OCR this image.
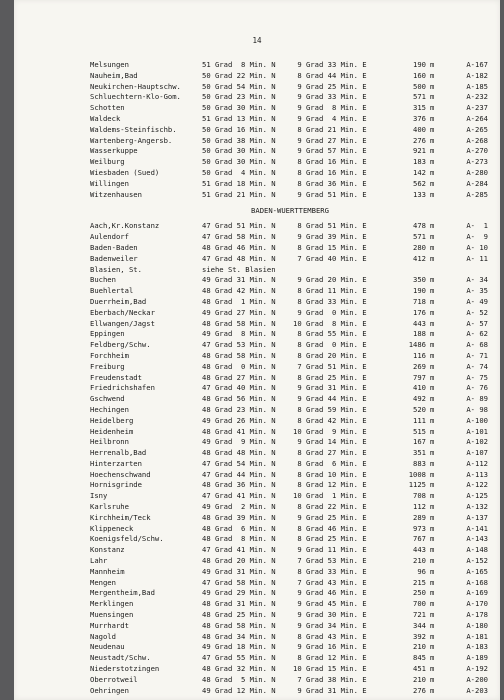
14
Melsungen	51 Grad  8 Min. N 9 Grad 33 Min. E	190 m	A-167
Nauheim,Bad	50 Grad 22 Min. N 8 Grad 44 Min. E	160 m	A-182
Neukirchen-Hauptschw.	50 Grad 54 Min. N 9 Grad 25 Min. E	500 m	A-185
Schluechtern-Klo-Gom.	50 Grad 23 Min. N 9 Grad 33 Min. E	571 m	A-232
Schotten	50 Grad 30 Min. N 9 Grad  8 Min. E	315 m	A-237
Waldeck	51 Grad 13 Min. N 9 Grad  4 Min. E	376 m	A-264
Waldems-Steinfischb.	50 Grad 16 Min. N 8 Grad 21 Min. E	400 m	A-265
Wartenberg-Angersb.	50 Grad 38 Min. N 9 Grad 27 Min. E	276 m	A-268
Wasserkuppe	50 Grad 30 Min. N 9 Grad 57 Min. E	921 m	A-270
Weilburg	50 Grad 30 Min. N 8 Grad 16 Min. E	183 m	A-273
Wiesbaden (Sued)	50 Grad  4 Min. N 8 Grad 16 Min. E	142 m	A-280
Willingen	51 Grad 18 Min. N 8 Grad 36 Min. E	562 m	A-284
Witzenhausen	51 Grad 21 Min. N 9 Grad 51 Min. E	133 m	A-285
BADEN-WUERTTEMBERG
Aach,Kr.Konstanz	47 Grad 51 Min. N 8 Grad 51 Min. E	478 m	A-  1
Aulendorf	47 Grad 58 Min. N 9 Grad 39 Min. E	571 m	A-  9
Baden-Baden	48 Grad 46 Min. N 8 Grad 15 Min. E	280 m	A- 10
Badenweiler	47 Grad 48 Min. N 7 Grad 40 Min. E	412 m	A- 11
Blasien, St.	siehe St. Blasien
Buchen	49 Grad 31 Min. N 9 Grad 20 Min. E	350 m	A- 34
Buehlertal	48 Grad 42 Min. N 8 Grad 11 Min. E	190 m	A- 35
Duerrheim,Bad	48 Grad  1 Min. N 8 Grad 33 Min. E	718 m	A- 49
Eberbach/Neckar	49 Grad 27 Min. N 9 Grad  0 Min. E	176 m	A- 52
Ellwangen/Jagst	48 Grad 58 Min. N 10 Grad  8 Min. E	443 m	A- 57
Eppingen	49 Grad  8 Min. N 8 Grad 55 Min. E	188 m	A- 62
Feldberg/Schw.	47 Grad 53 Min. N 8 Grad  0 Min. E	1486 m	A- 68
Forchheim	48 Grad 58 Min. N 8 Grad 20 Min. E	116 m	A- 71
Freiburg	48 Grad  0 Min. N 7 Grad 51 Min. E	269 m	A- 74
Freudenstadt	48 Grad 27 Min. N 8 Grad 25 Min. E	797 m	A- 75
Friedrichshafen	47 Grad 40 Min. N 9 Grad 31 Min. E	410 m	A- 76
Gschwend	48 Grad 56 Min. N 9 Grad 44 Min. E	492 m	A- 89
Hechingen	48 Grad 23 Min. N 8 Grad 59 Min. E	520 m	A- 98
Heidelberg	49 Grad 26 Min. N 8 Grad 42 Min. E	111 m	A-100
Heidenheim	48 Grad 41 Min. N 10 Grad  9 Min. E	515 m	A-101
Heilbronn	49 Grad  9 Min. N 9 Grad 14 Min. E	167 m	A-102
Herrenalb,Bad	48 Grad 48 Min. N 8 Grad 27 Min. E	351 m	A-107
Hinterzarten	47 Grad 54 Min. N 8 Grad  6 Min. E	883 m	A-112
Hoechenschwand	47 Grad 44 Min. N 8 Grad 10 Min. E	1008 m	A-113
Hornisgrinde	48 Grad 36 Min. N 8 Grad 12 Min. E	1125 m	A-122
Isny	47 Grad 41 Min. N 10 Grad  1 Min. E	708 m	A-125
Karlsruhe	49 Grad  2 Min. N 8 Grad 22 Min. E	112 m	A-132
Kirchheim/Teck	48 Grad 39 Min. N 9 Grad 25 Min. E	289 m	A-137
Klippeneck	48 Grad  6 Min. N 8 Grad 46 Min. E	973 m	A-141
Koenigsfeld/Schw.	48 Grad  8 Min. N 8 Grad 25 Min. E	767 m	A-143
Konstanz	47 Grad 41 Min. N 9 Grad 11 Min. E	443 m	A-148
Lahr	48 Grad 20 Min. N 7 Grad 53 Min. E	210 m	A-152
Mannheim	49 Grad 31 Min. N 8 Grad 33 Min. E	96 m	A-165
Mengen	47 Grad 58 Min. N 7 Grad 43 Min. E	215 m	A-168
Mergentheim,Bad	49 Grad 29 Min. N 9 Grad 46 Min. E	250 m	A-169
Merklingen	48 Grad 31 Min. N 9 Grad 45 Min. E	700 m	A-170
Muensingen	48 Grad 25 Min. N 9 Grad 30 Min. E	721 m	A-178
Murrhardt	48 Grad 58 Min. N 9 Grad 34 Min. E	344 m	A-180
Nagold	48 Grad 34 Min. N 8 Grad 43 Min. E	392 m	A-181
Neudenau	49 Grad 18 Min. N 9 Grad 16 Min. E	210 m	A-183
Neustadt/Schw.	47 Grad 55 Min. N 8 Grad 12 Min. E	845 m	A-189
Niederstotzingen	48 Grad 32 Min. N 10 Grad 15 Min. E	451 m	A-192
Oberrotweil	48 Grad  5 Min. N 7 Grad 38 Min. E	210 m	A-200
Oehringen	49 Grad 12 Min. N 9 Grad 31 Min. E	276 m	A-203
